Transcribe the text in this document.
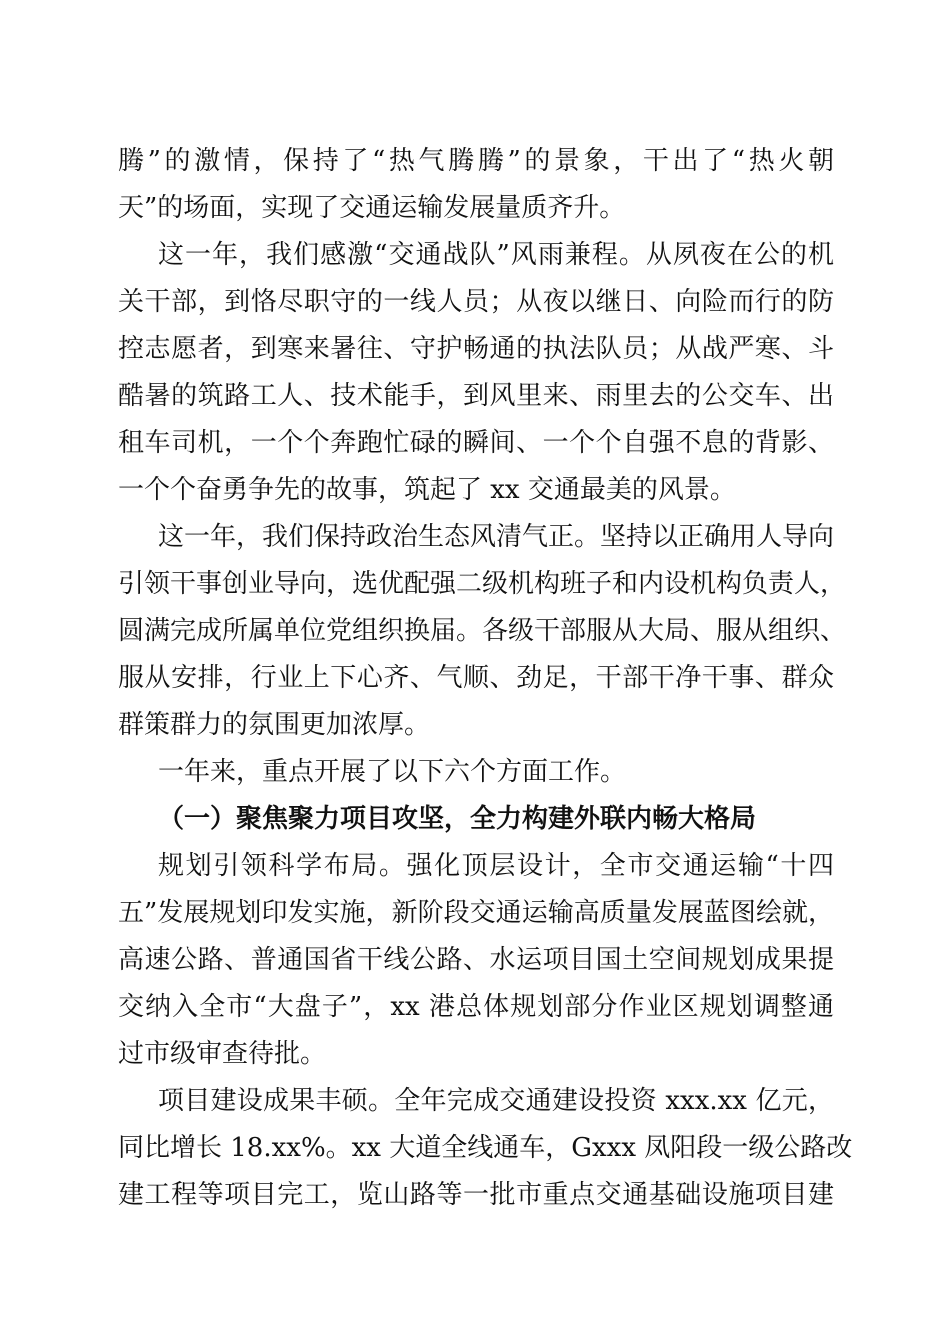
腾”的激情，保持了“热气腾腾”的景象，干出了“热火朝
天”的场面，实现了交通运输发展量质齐升。
这一年，我们感激“交通战队”风雨兼程。从夙夜在公的机
关干部，到恪尽职守的一线人员；从夜以继日、向险而行的防
控志愿者，到寒来暑往、守护畅通的执法队员；从战严寒、斗
酷暑的筑路工人、技术能手，到风里来、雨里去的公交车、出
租车司机，一个个奔跑忙碌的瞬间、一个个自强不息的背影、
一个个奋勇争先的故事，筑起了 xx 交通最美的风景。
这一年，我们保持政治生态风清气正。坚持以正确用人导向
引领干事创业导向，选优配强二级机构班子和内设机构负责人，
圆满完成所属单位党组织换届。各级干部服从大局、服从组织、
服从安排，行业上下心齐、气顺、劲足，干部干净干事、群众
群策群力的氛围更加浓厚。
一年来，重点开展了以下六个方面工作。
（一）聚焦聚力项目攻坚，全力构建外联内畅大格局
规划引领科学布局。强化顶层设计，全市交通运输“十四
五”发展规划印发实施，新阶段交通运输高质量发展蓝图绘就，
高速公路、普通国省干线公路、水运项目国土空间规划成果提
交纳入全市“大盘子”，xx 港总体规划部分作业区规划调整通
过市级审查待批。
项目建设成果丰硕。全年完成交通建设投资 xxx.xx 亿元，
同比增长 18.xx%。xx 大道全线通车，Gxxx 凤阳段一级公路改
建工程等项目完工，览山路等一批市重点交通基础设施项目建
